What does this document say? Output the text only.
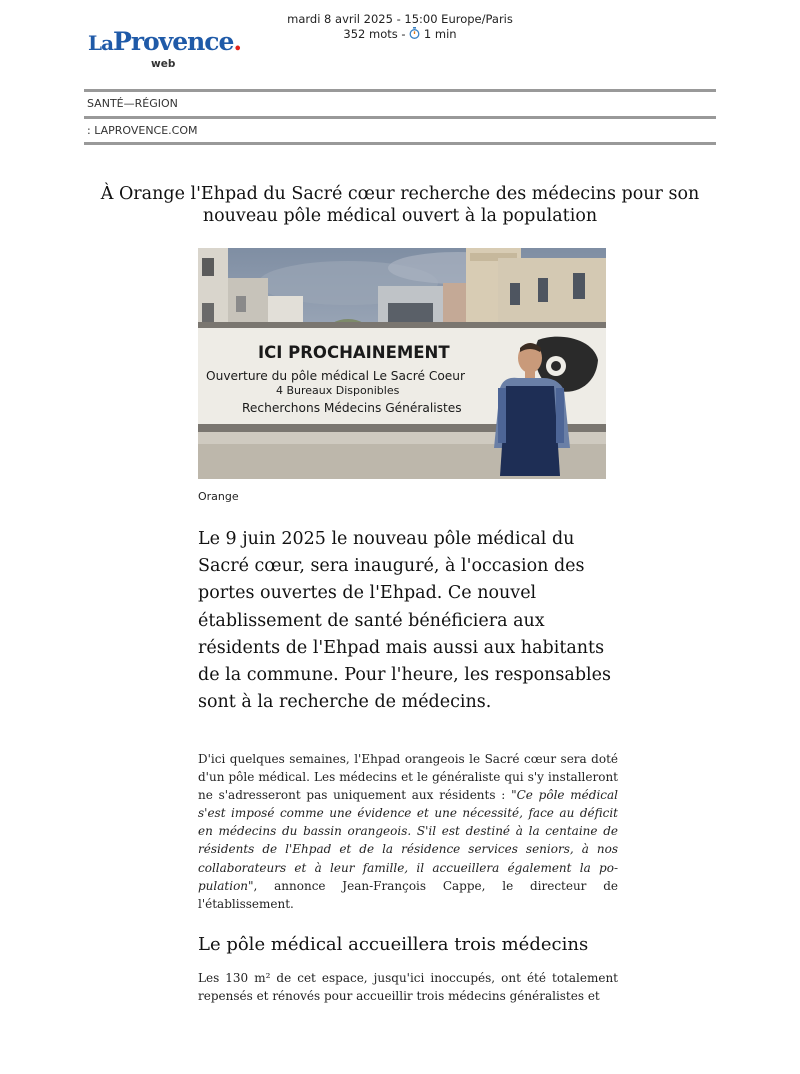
mardi 8 avril 2025 - 15:00 Europe/Paris
352 mots -  1 min
LaProvence.
web
SANTÉ—RÉGION
: LAPROVENCE.COM
À Orange l'Ehpad du Sacré cœur recherche des médecins pour son
nouveau pôle médical ouvert à la population
ICI PROCHAINEMENT
Ouverture du pôle médical Le Sacré Coeur
4 Bureaux Disponibles
Recherchons Médecins Généralistes
Orange
Le 9 juin 2025 le nouveau pôle médical du Sacré cœur, sera inauguré, à l'occasion des portes ouvertes de l'Ehpad. Ce nouvel établissement de santé bénéficiera aux résidents de l'Ehpad mais aussi aux habitants de la commune. Pour l'heure, les responsables sont à la recherche de médecins.
D'ici quelques semaines, l'Ehpad orangeois le Sacré cœur sera doté d'un pôle médical. Les médecins et le généraliste qui s'y installeront ne s'adresseront pas uniquement aux résidents : "Ce pôle médical s'est imposé comme une évidence et une nécessité, face au déficit en médecins du bassin orangeois. S'il est destiné à la centaine de résidents de l'Ehpad et de la résidence services seniors, à nos collaborateurs et à leur famille, il accueillera également la population", annonce Jean-François Cappe, le directeur de l'établissement.
Le pôle médical accueillera trois médecins
Les 130 m² de cet espace, jusqu'ici inoccupés, ont été totalement repensés et rénovés pour accueillir trois médecins généralistes et
